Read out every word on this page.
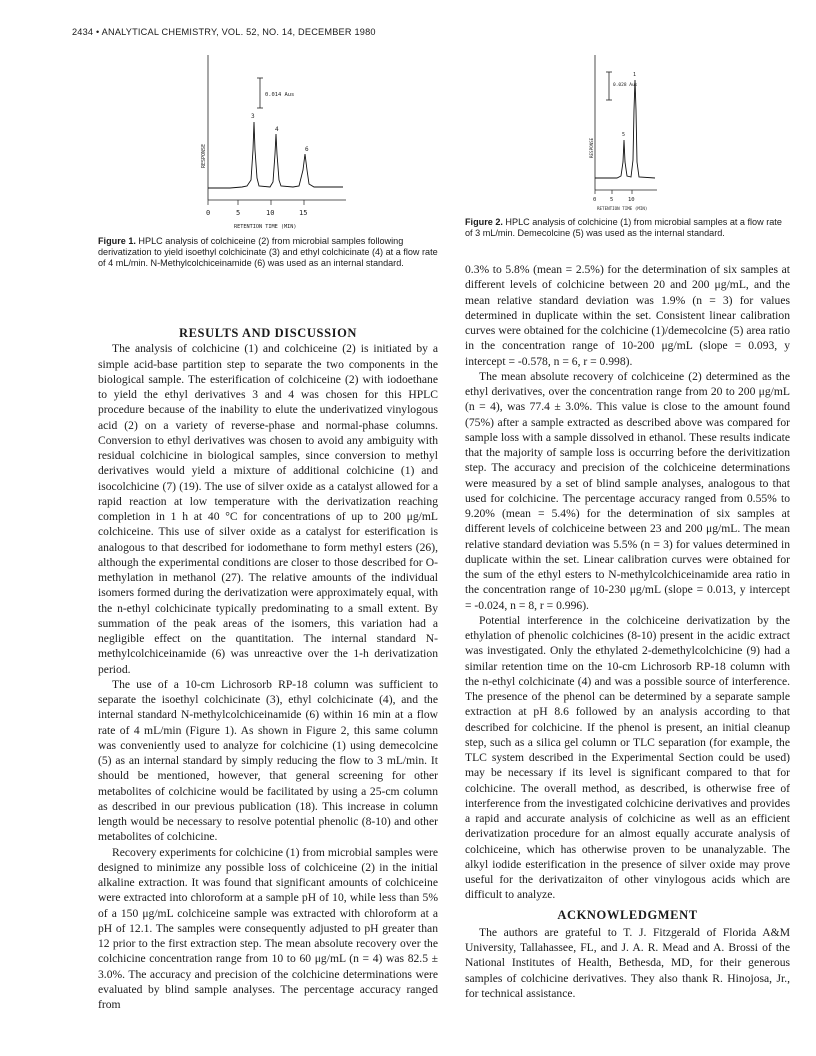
2434 • ANALYTICAL CHEMISTRY, VOL. 52, NO. 14, DECEMBER 1980
0	5	10	15
RETENTION TIME (MIN)
RESPONSE
0.014 Aus
3
4
6
Figure 1. HPLC analysis of colchiceine (2) from microbial samples following derivatization to yield isoethyl colchicinate (3) and ethyl colchicinate (4) at a flow rate of 4 mL/min. N-Methylcolchiceinamide (6) was used as an internal standard.
0 5	10
RETENTION TIME (MIN)
RESPONSE
0.028 Aus
5
1
Figure 2. HPLC analysis of colchicine (1) from microbial samples at a flow rate of 3 mL/min. Demecolcine (5) was used as the internal standard.

RESULTS AND DISCUSSION

The analysis of colchicine (1) and colchiceine (2) is initiated by a simple acid-base partition step to separate the two components in the biological sample. The esterification of colchiceine (2) with iodoethane to yield the ethyl derivatives 3 and 4 was chosen for this HPLC procedure because of the inability to elute the underivatized vinylogous acid (2) on a variety of reverse-phase and normal-phase columns. Conversion to ethyl derivatives was chosen to avoid any ambiguity with residual colchicine in biological samples, since conversion to methyl derivatives would yield a mixture of additional colchicine (1) and isocolchicine (7) (19). The use of silver oxide as a catalyst allowed for a rapid reaction at low temperature with the derivatization reaching completion in 1 h at 40 °C for concentrations of up to 200 μg/mL colchiceine. This use of silver oxide as a catalyst for esterification is analogous to that described for iodomethane to form methyl esters (26), although the experimental conditions are closer to those described for O-methylation in methanol (27). The relative amounts of the individual isomers formed during the derivatization were approximately equal, with the n-ethyl colchicinate typically predominating to a small extent. By summation of the peak areas of the isomers, this variation had a negligible effect on the quantitation. The internal standard N-methylcolchiceinamide (6) was unreactive over the 1-h derivatization period.

The use of a 10-cm Lichrosorb RP-18 column was sufficient to separate the isoethyl colchicinate (3), ethyl colchicinate (4), and the internal standard N-methylcolchiceinamide (6) within 16 min at a flow rate of 4 mL/min (Figure 1). As shown in Figure 2, this same column was conveniently used to analyze for colchicine (1) using demecolcine (5) as an internal standard by simply reducing the flow to 3 mL/min. It should be mentioned, however, that general screening for other metabolites of colchicine would be facilitated by using a 25-cm column as described in our previous publication (18). This increase in column length would be necessary to resolve potential phenolic (8-10) and other metabolites of colchicine.

Recovery experiments for colchicine (1) from microbial samples were designed to minimize any possible loss of colchiceine (2) in the initial alkaline extraction. It was found that significant amounts of colchiceine were extracted into chloroform at a sample pH of 10, while less than 5% of a 150 μg/mL colchiceine sample was extracted with chloroform at a pH of 12.1. The samples were consequently adjusted to pH greater than 12 prior to the first extraction step. The mean absolute recovery over the colchicine concentration range from 10 to 60 μg/mL (n = 4) was 82.5 ± 3.0%. The accuracy and precision of the colchicine determinations were evaluated by blind sample analyses. The percentage accuracy ranged from

0.3% to 5.8% (mean = 2.5%) for the determination of six samples at different levels of colchicine between 20 and 200 μg/mL, and the mean relative standard deviation was 1.9% (n = 3) for values determined in duplicate within the set. Consistent linear calibration curves were obtained for the colchicine (1)/demecolcine (5) area ratio in the concentration range of 10-200 μg/mL (slope = 0.093, y intercept = -0.578, n = 6, r = 0.998).

The mean absolute recovery of colchiceine (2) determined as the ethyl derivatives, over the concentration range from 20 to 200 μg/mL (n = 4), was 77.4 ± 3.0%. This value is close to the amount found (75%) after a sample extracted as described above was compared for sample loss with a sample dissolved in ethanol. These results indicate that the majority of sample loss is occurring before the derivitization step. The accuracy and precision of the colchiceine determinations were measured by a set of blind sample analyses, analogous to that used for colchicine. The percentage accuracy ranged from 0.55% to 9.20% (mean = 5.4%) for the determination of six samples at different levels of colchiceine between 23 and 200 μg/mL. The mean relative standard deviation was 5.5% (n = 3) for values determined in duplicate within the set. Linear calibration curves were obtained for the sum of the ethyl esters to N-methylcolchiceinamide area ratio in the concentration range of 10-230 μg/mL (slope = 0.013, y intercept = -0.024, n = 8, r = 0.996).

Potential interference in the colchiceine derivatization by the ethylation of phenolic colchicines (8-10) present in the acidic extract was investigated. Only the ethylated 2-demethylcolchicine (9) had a similar retention time on the 10-cm Lichrosorb RP-18 column with the n-ethyl colchicinate (4) and was a possible source of interference. The presence of the phenol can be determined by a separate sample extraction at pH 8.6 followed by an analysis according to that described for colchicine. If the phenol is present, an initial cleanup step, such as a silica gel column or TLC separation (for example, the TLC system described in the Experimental Section could be used) may be necessary if its level is significant compared to that for colchicine. The overall method, as described, is otherwise free of interference from the investigated colchicine derivatives and provides a rapid and accurate analysis of colchicine as well as an efficient derivatization procedure for an almost equally accurate analysis of colchiceine, which has otherwise proven to be unanalyzable. The alkyl iodide esterification in the presence of silver oxide may prove useful for the derivatizaiton of other vinylogous acids which are difficult to analyze.

ACKNOWLEDGMENT

The authors are grateful to T. J. Fitzgerald of Florida A&M University, Tallahassee, FL, and J. A. R. Mead and A. Brossi of the National Institutes of Health, Bethesda, MD, for their generous samples of colchicine derivatives. They also thank R. Hinojosa, Jr., for technical assistance.
